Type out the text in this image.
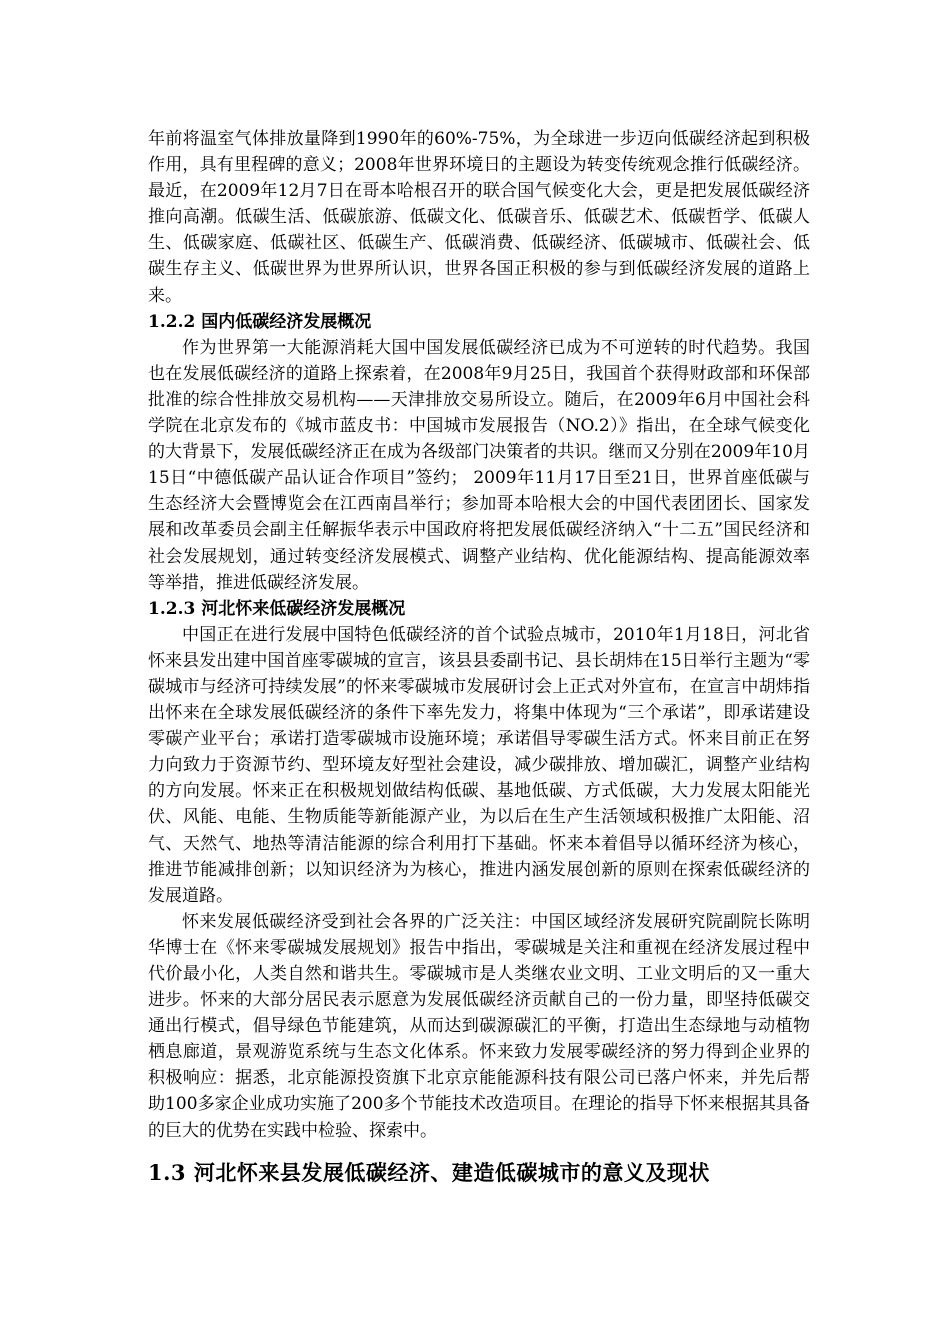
年前将温室气体排放量降到1990年的60%-75%，为全球进一步迈向低碳经济起到积极作用，具有里程碑的意义；2008年世界环境日的主题设为转变传统观念推行低碳经济。最近，在2009年12月7日在哥本哈根召开的联合国气候变化大会，更是把发展低碳经济推向高潮。低碳生活、低碳旅游、低碳文化、低碳音乐、低碳艺术、低碳哲学、低碳人生、低碳家庭、低碳社区、低碳生产、低碳消费、低碳经济、低碳城市、低碳社会、低碳生存主义、低碳世界为世界所认识，世界各国正积极的参与到低碳经济发展的道路上来。

1.2.2 国内低碳经济发展概况

作为世界第一大能源消耗大国中国发展低碳经济已成为不可逆转的时代趋势。我国也在发展低碳经济的道路上探索着，在2008年9月25日，我国首个获得财政部和环保部批准的综合性排放交易机构——天津排放交易所设立。随后，在2009年6月中国社会科学院在北京发布的《城市蓝皮书：中国城市发展报告（NO.2）》指出，在全球气候变化的大背景下，发展低碳经济正在成为各级部门决策者的共识。继而又分别在2009年10月15日“中德低碳产品认证合作项目”签约； 2009年11月17日至21日，世界首座低碳与生态经济大会暨博览会在江西南昌举行；参加哥本哈根大会的中国代表团团长、国家发展和改革委员会副主任解振华表示中国政府将把发展低碳经济纳入“十二五”国民经济和社会发展规划，通过转变经济发展模式、调整产业结构、优化能源结构、提高能源效率等举措，推进低碳经济发展。

1.2.3 河北怀来低碳经济发展概况

中国正在进行发展中国特色低碳经济的首个试验点城市，2010年1月18日，河北省怀来县发出建中国首座零碳城的宣言，该县县委副书记、县长胡炜在15日举行主题为“零碳城市与经济可持续发展”的怀来零碳城市发展研讨会上正式对外宣布，在宣言中胡炜指出怀来在全球发展低碳经济的条件下率先发力，将集中体现为“三个承诺”，即承诺建设零碳产业平台；承诺打造零碳城市设施环境；承诺倡导零碳生活方式。怀来目前正在努力向致力于资源节约、型环境友好型社会建设，减少碳排放、增加碳汇，调整产业结构的方向发展。怀来正在积极规划做结构低碳、基地低碳、方式低碳，大力发展太阳能光伏、风能、电能、生物质能等新能源产业，为以后在生产生活领域积极推广太阳能、沼气、天然气、地热等清洁能源的综合利用打下基础。怀来本着倡导以循环经济为核心，推进节能减排创新；以知识经济为为核心，推进内涵发展创新的原则在探索低碳经济的发展道路。

怀来发展低碳经济受到社会各界的广泛关注：中国区域经济发展研究院副院长陈明华博士在《怀来零碳城发展规划》报告中指出，零碳城是关注和重视在经济发展过程中代价最小化，人类自然和谐共生。零碳城市是人类继农业文明、工业文明后的又一重大进步。怀来的大部分居民表示愿意为发展低碳经济贡献自己的一份力量，即坚持低碳交通出行模式，倡导绿色节能建筑，从而达到碳源碳汇的平衡，打造出生态绿地与动植物栖息廊道，景观游览系统与生态文化体系。怀来致力发展零碳经济的努力得到企业界的积极响应：据悉，北京能源投资旗下北京京能能源科技有限公司已落户怀来，并先后帮助100多家企业成功实施了200多个节能技术改造项目。在理论的指导下怀来根据其具备的巨大的优势在实践中检验、探索中。

1.3 河北怀来县发展低碳经济、建造低碳城市的意义及现状
